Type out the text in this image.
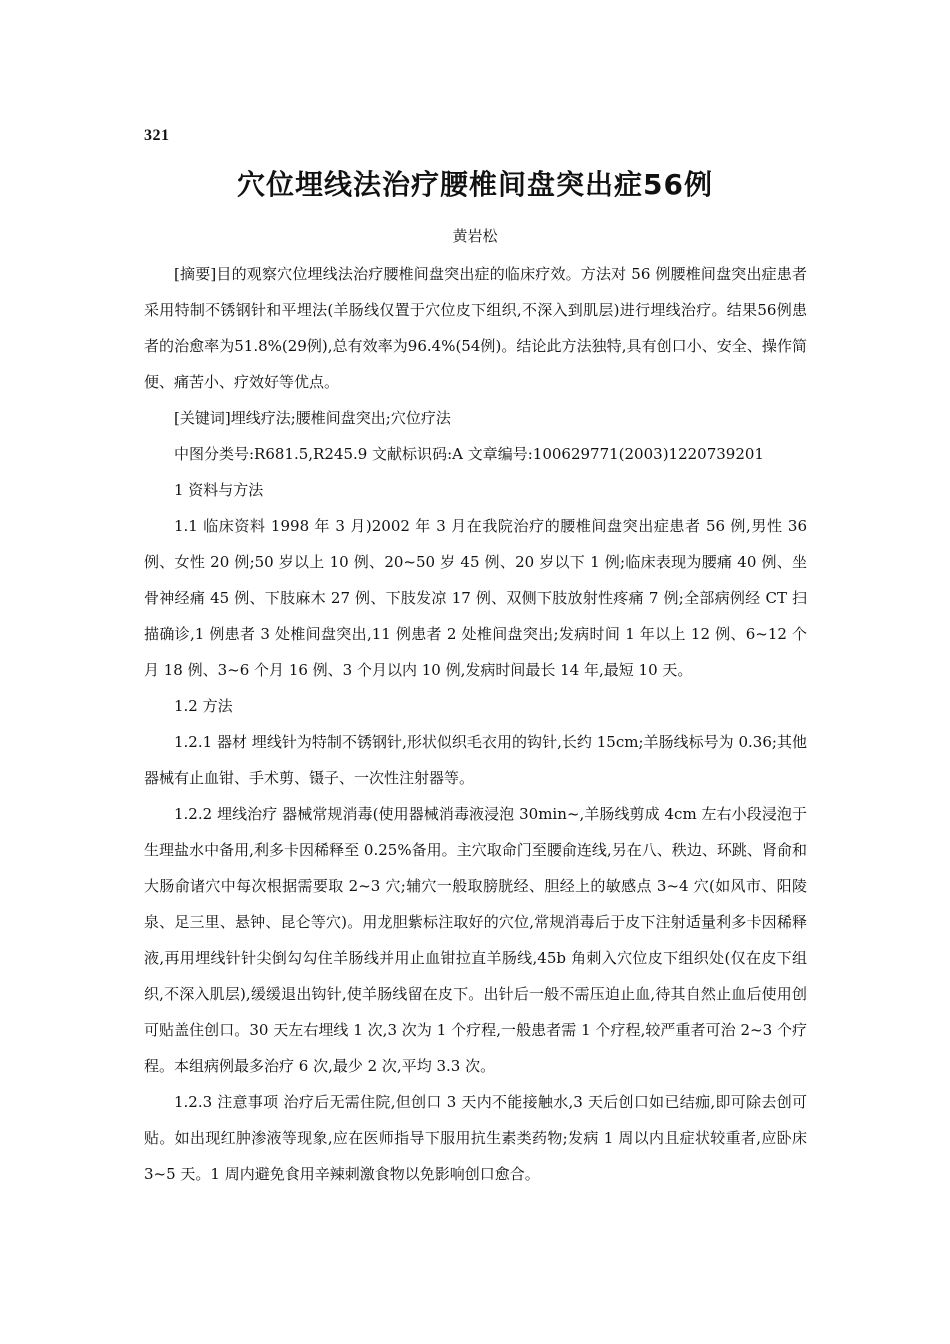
321
穴位埋线法治疗腰椎间盘突出症56例
黄岩松

[摘要]目的观察穴位埋线法治疗腰椎间盘突出症的临床疗效。方法对 56 例腰椎间盘突出症患者采用特制不锈钢针和平埋法(羊肠线仅置于穴位皮下组织,不深入到肌层)进行埋线治疗。结果56例患者的治愈率为51.8%(29例),总有效率为96.4%(54例)。结论此方法独特,具有创口小、安全、操作简便、痛苦小、疗效好等优点。

[关键词]埋线疗法;腰椎间盘突出;穴位疗法

中图分类号:R681.5,R245.9 文献标识码:A 文章编号:100629771(2003)1220739201

1 资料与方法

1.1 临床资料 1998 年 3 月)2002 年 3 月在我院治疗的腰椎间盘突出症患者 56 例,男性 36 例、女性 20 例;50 岁以上 10 例、20~50 岁 45 例、20 岁以下 1 例;临床表现为腰痛 40 例、坐骨神经痛 45 例、下肢麻木 27 例、下肢发凉 17 例、双侧下肢放射性疼痛 7 例;全部病例经 CT 扫描确诊,1 例患者 3 处椎间盘突出,11 例患者 2 处椎间盘突出;发病时间 1 年以上 12 例、6~12 个月 18 例、3~6 个月 16 例、3 个月以内 10 例,发病时间最长 14 年,最短 10 天。

1.2 方法

1.2.1 器材 埋线针为特制不锈钢针,形状似织毛衣用的钩针,长约 15cm;羊肠线标号为 0.36;其他器械有止血钳、手术剪、镊子、一次性注射器等。

1.2.2 埋线治疗 器械常规消毒(使用器械消毒液浸泡 30min~,羊肠线剪成 4cm 左右小段浸泡于生理盐水中备用,利多卡因稀释至 0.25%备用。主穴取命门至腰俞连线,另在八、秩边、环跳、肾俞和大肠俞诸穴中每次根据需要取 2~3 穴;辅穴一般取膀胱经、胆经上的敏感点 3~4 穴(如风市、阳陵泉、足三里、悬钟、昆仑等穴)。用龙胆紫标注取好的穴位,常规消毒后于皮下注射适量利多卡因稀释液,再用埋线针针尖倒勾勾住羊肠线并用止血钳拉直羊肠线,45b 角刺入穴位皮下组织处(仅在皮下组织,不深入肌层),缓缓退出钩针,使羊肠线留在皮下。出针后一般不需压迫止血,待其自然止血后使用创可贴盖住创口。30 天左右埋线 1 次,3 次为 1 个疗程,一般患者需 1 个疗程,较严重者可治 2~3 个疗程。本组病例最多治疗 6 次,最少 2 次,平均 3.3 次。

1.2.3 注意事项 治疗后无需住院,但创口 3 天内不能接触水,3 天后创口如已结痂,即可除去创可贴。如出现红肿渗液等现象,应在医师指导下服用抗生素类药物;发病 1 周以内且症状较重者,应卧床 3~5 天。1 周内避免食用辛辣刺激食物以免影响创口愈合。
